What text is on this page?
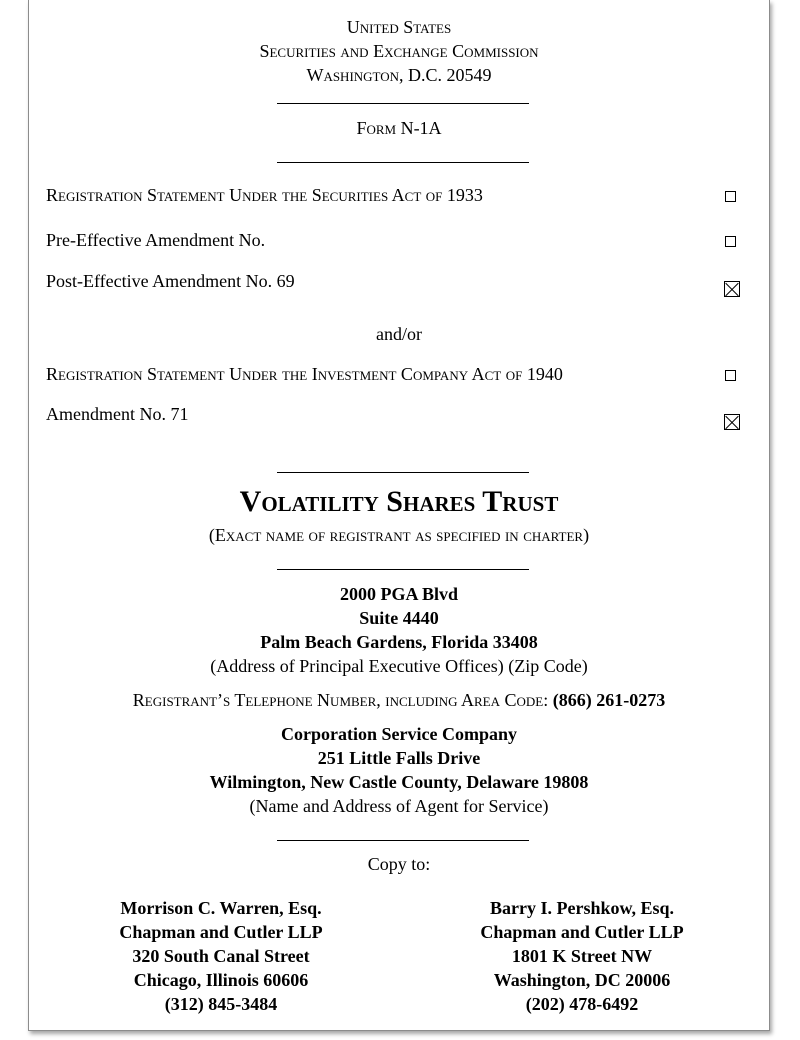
United States
Securities and Exchange Commission
Washington, D.C. 20549
Form N-1A
Registration Statement Under the Securities Act of 1933
Pre-Effective Amendment No.
Post-Effective Amendment No. 69
and/or
Registration Statement Under the Investment Company Act of 1940
Amendment No. 71
Volatility Shares Trust
(Exact name of registrant as specified in charter)
2000 PGA Blvd
Suite 4440
Palm Beach Gardens, Florida 33408
(Address of Principal Executive Offices) (Zip Code)
Registrant’s Telephone Number, including Area Code: (866) 261-0273
Corporation Service Company
251 Little Falls Drive
Wilmington, New Castle County, Delaware 19808
(Name and Address of Agent for Service)
Copy to:
Morrison C. Warren, Esq.
Chapman and Cutler LLP
320 South Canal Street
Chicago, Illinois 60606
(312) 845-3484
Barry I. Pershkow, Esq.
Chapman and Cutler LLP
1801 K Street NW
Washington, DC 20006
(202) 478-6492
